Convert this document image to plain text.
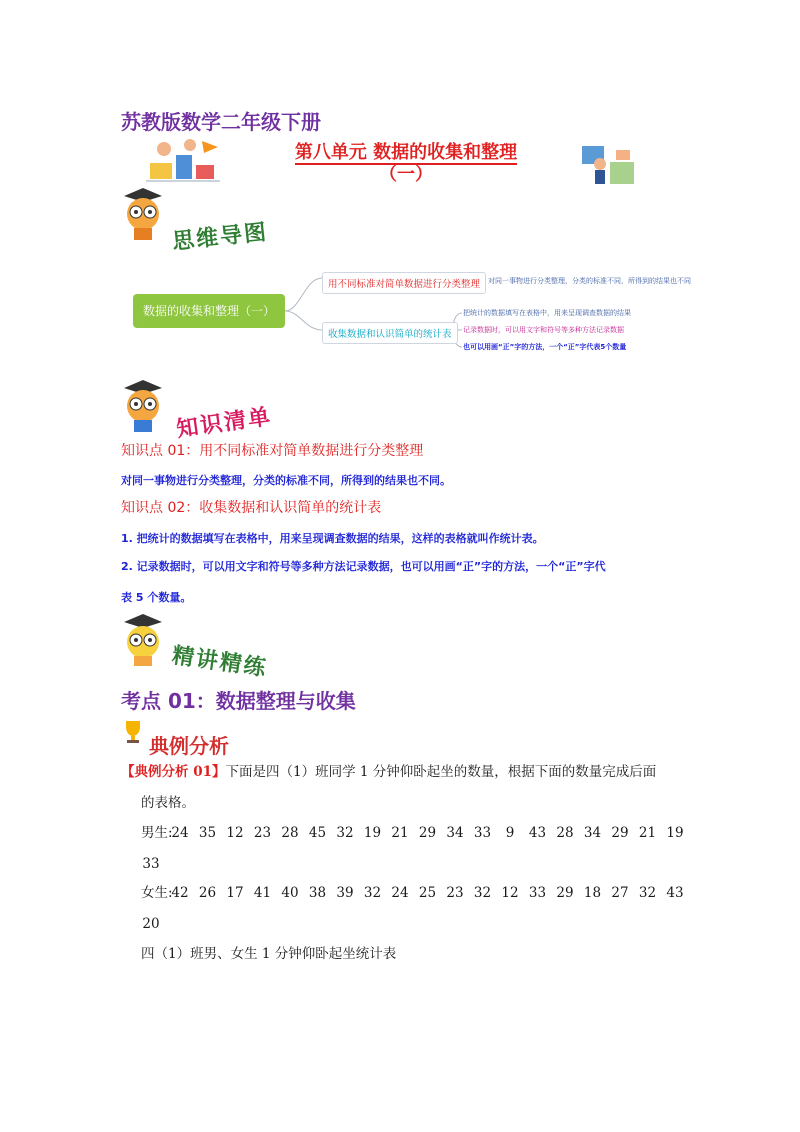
苏教版数学二年级下册
第八单元 数据的收集和整理
（一）
思维导图
数据的收集和整理（一）
用不同标准对简单数据进行分类整理	对同一事物进行分类整理，分类的标准不同，所得到的结果也不同
收集数据和认识简单的统计表
把统计的数据填写在表格中，用来呈现调查数据的结果
记录数据时，可以用文字和符号等多种方法记录数据
也可以用画“正”字的方法，一个“正”字代表5个数量
知识清单
知识点 01：用不同标准对简单数据进行分类整理
对同一事物进行分类整理，分类的标准不同，所得到的结果也不同。
知识点 02：收集数据和认识简单的统计表
1. 把统计的数据填写在表格中，用来呈现调查数据的结果，这样的表格就叫作统计表。
2. 记录数据时，可以用文字和符号等多种方法记录数据，也可以用画“正”字的方法，一个“正”字代
表 5 个数量。
精讲精练
考点 01：数据整理与收集
典例分析
【典例分析 01】下面是四（1）班同学 1 分钟仰卧起坐的数量，根据下面的数量完成后面
的表格。
男生:
24 35 12 23 28 45 32 19 21 29 34 33	9	43 28 34 29 21 19
33
女生:
42 26 17 41 40 38 39 32 24 25 23 32 12 33 29 18 27 32 43
20
四（1）班男、女生 1 分钟仰卧起坐统计表
